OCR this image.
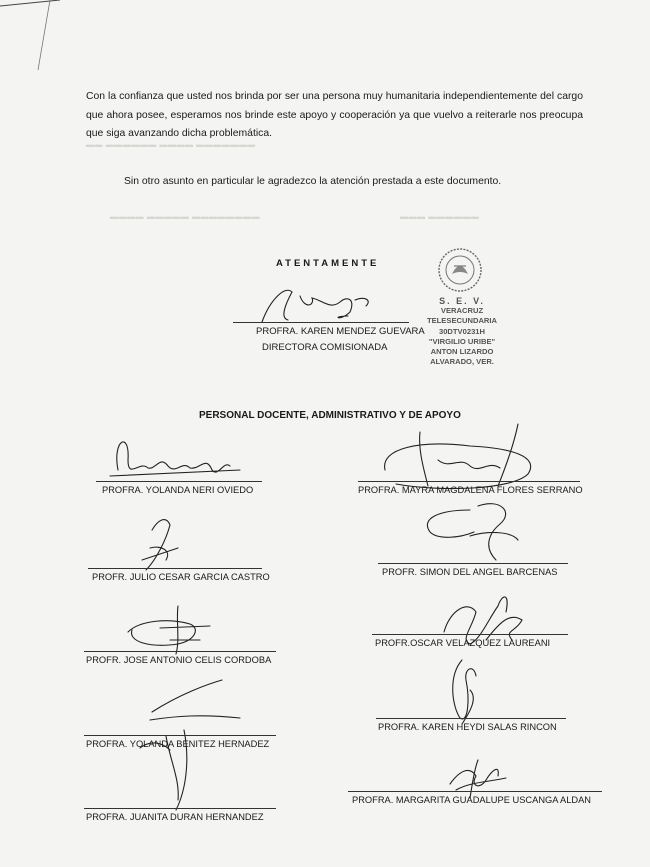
Con la confianza que usted nos brinda por ser una persona muy humanitaria independientemente del cargo que ahora posee, esperamos nos brinde este apoyo y cooperación ya que vuelvo a reiterarle nos preocupa que siga avanzando dicha problemática.
▬▬ ▬▬▬▬▬▬ ▬▬▬▬ ▬▬▬▬▬▬▬
▬▬▬▬ ▬▬▬▬▬ ▬▬▬▬▬▬▬▬	▬▬▬ ▬▬▬▬▬▬
Sin otro asunto en particular le agradezco la atención prestada a este documento.
ATENTAMENTE
S. E. V.
VERACRUZ
TELESECUNDARIA
30DTV0231H
"VIRGILIO URIBE"
ANTON LIZARDO
ALVARADO, VER.
PROFRA. KAREN MENDEZ GUEVARA
DIRECTORA COMISIONADA
PERSONAL DOCENTE, ADMINISTRATIVO Y DE APOYO
PROFRA. YOLANDA NERI OVIEDO
PROFR. JULIO CESAR GARCIA CASTRO
PROFR. JOSE ANTONIO CELIS CORDOBA
PROFRA. YOLANDA BENITEZ HERNADEZ
PROFRA. JUANITA DURAN HERNANDEZ
PROFRA. MAYRA MAGDALENA FLORES SERRANO
PROFR. SIMON DEL ANGEL BARCENAS
PROFR.OSCAR VELAZQUEZ LAUREANI
PROFRA. KAREN HEYDI SALAS RINCON
PROFRA. MARGARITA GUADALUPE USCANGA ALDAN
